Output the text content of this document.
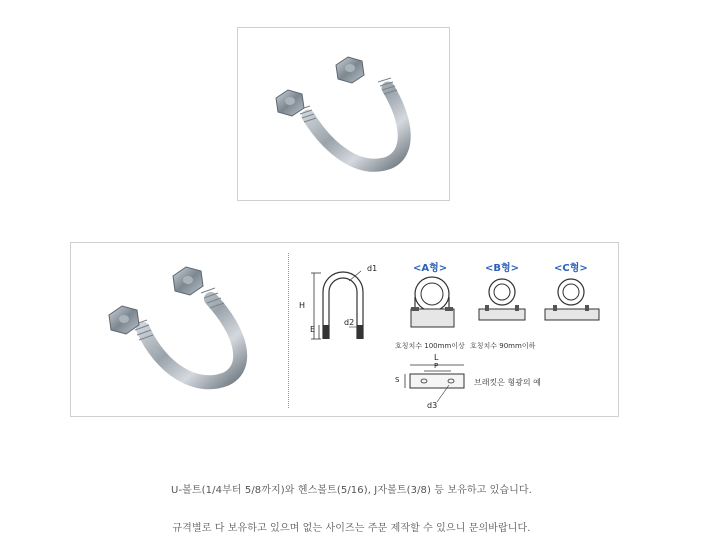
d1
H
E
d2
<A형>	<B형>	<C형>
호칭치수 100mm이상 호칭치수 90mm이하
L
P
S
d3
브래킷은 형광의 예
U-볼트(1/4부터 5/8까지)와 헨스볼트(5/16), J자볼트(3/8) 등 보유하고 있습니다.
규격별로 다 보유하고 있으며 없는 사이즈는 주문 제작할 수 있으니 문의바랍니다.
